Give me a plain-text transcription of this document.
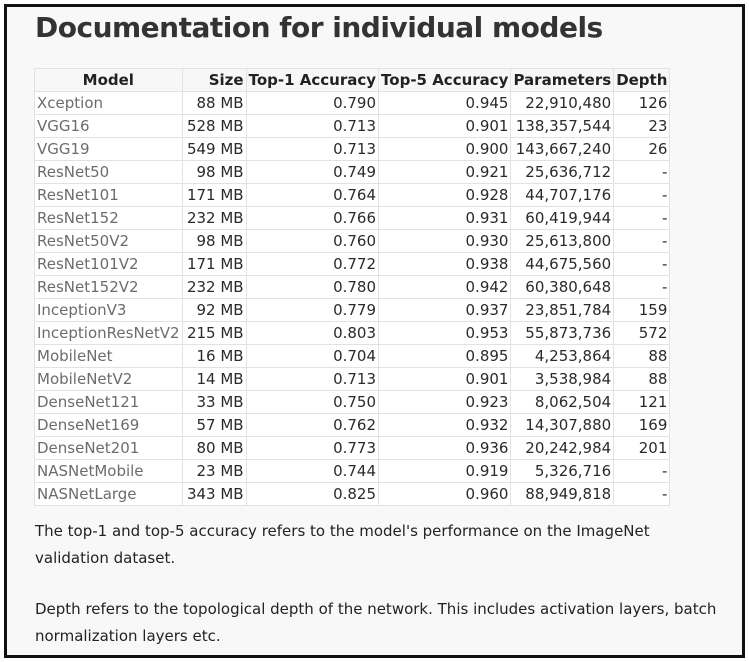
Documentation for individual models
Model	Size	Top-1 Accuracy	Top-5 Accuracy	Parameters	Depth
Xception	88 MB	0.790	0.945	22,910,480	126
VGG16	528 MB	0.713	0.901	138,357,544	23
VGG19	549 MB	0.713	0.900	143,667,240	26
ResNet50	98 MB	0.749	0.921	25,636,712	-
ResNet101	171 MB	0.764	0.928	44,707,176	-
ResNet152	232 MB	0.766	0.931	60,419,944	-
ResNet50V2	98 MB	0.760	0.930	25,613,800	-
ResNet101V2	171 MB	0.772	0.938	44,675,560	-
ResNet152V2	232 MB	0.780	0.942	60,380,648	-
InceptionV3	92 MB	0.779	0.937	23,851,784	159
InceptionResNetV2	215 MB	0.803	0.953	55,873,736	572
MobileNet	16 MB	0.704	0.895	4,253,864	88
MobileNetV2	14 MB	0.713	0.901	3,538,984	88
DenseNet121	33 MB	0.750	0.923	8,062,504	121
DenseNet169	57 MB	0.762	0.932	14,307,880	169
DenseNet201	80 MB	0.773	0.936	20,242,984	201
NASNetMobile	23 MB	0.744	0.919	5,326,716	-
NASNetLarge	343 MB	0.825	0.960	88,949,818	-

The top-1 and top-5 accuracy refers to the model's performance on the ImageNet validation dataset.

Depth refers to the topological depth of the network. This includes activation layers, batch normalization layers etc.
